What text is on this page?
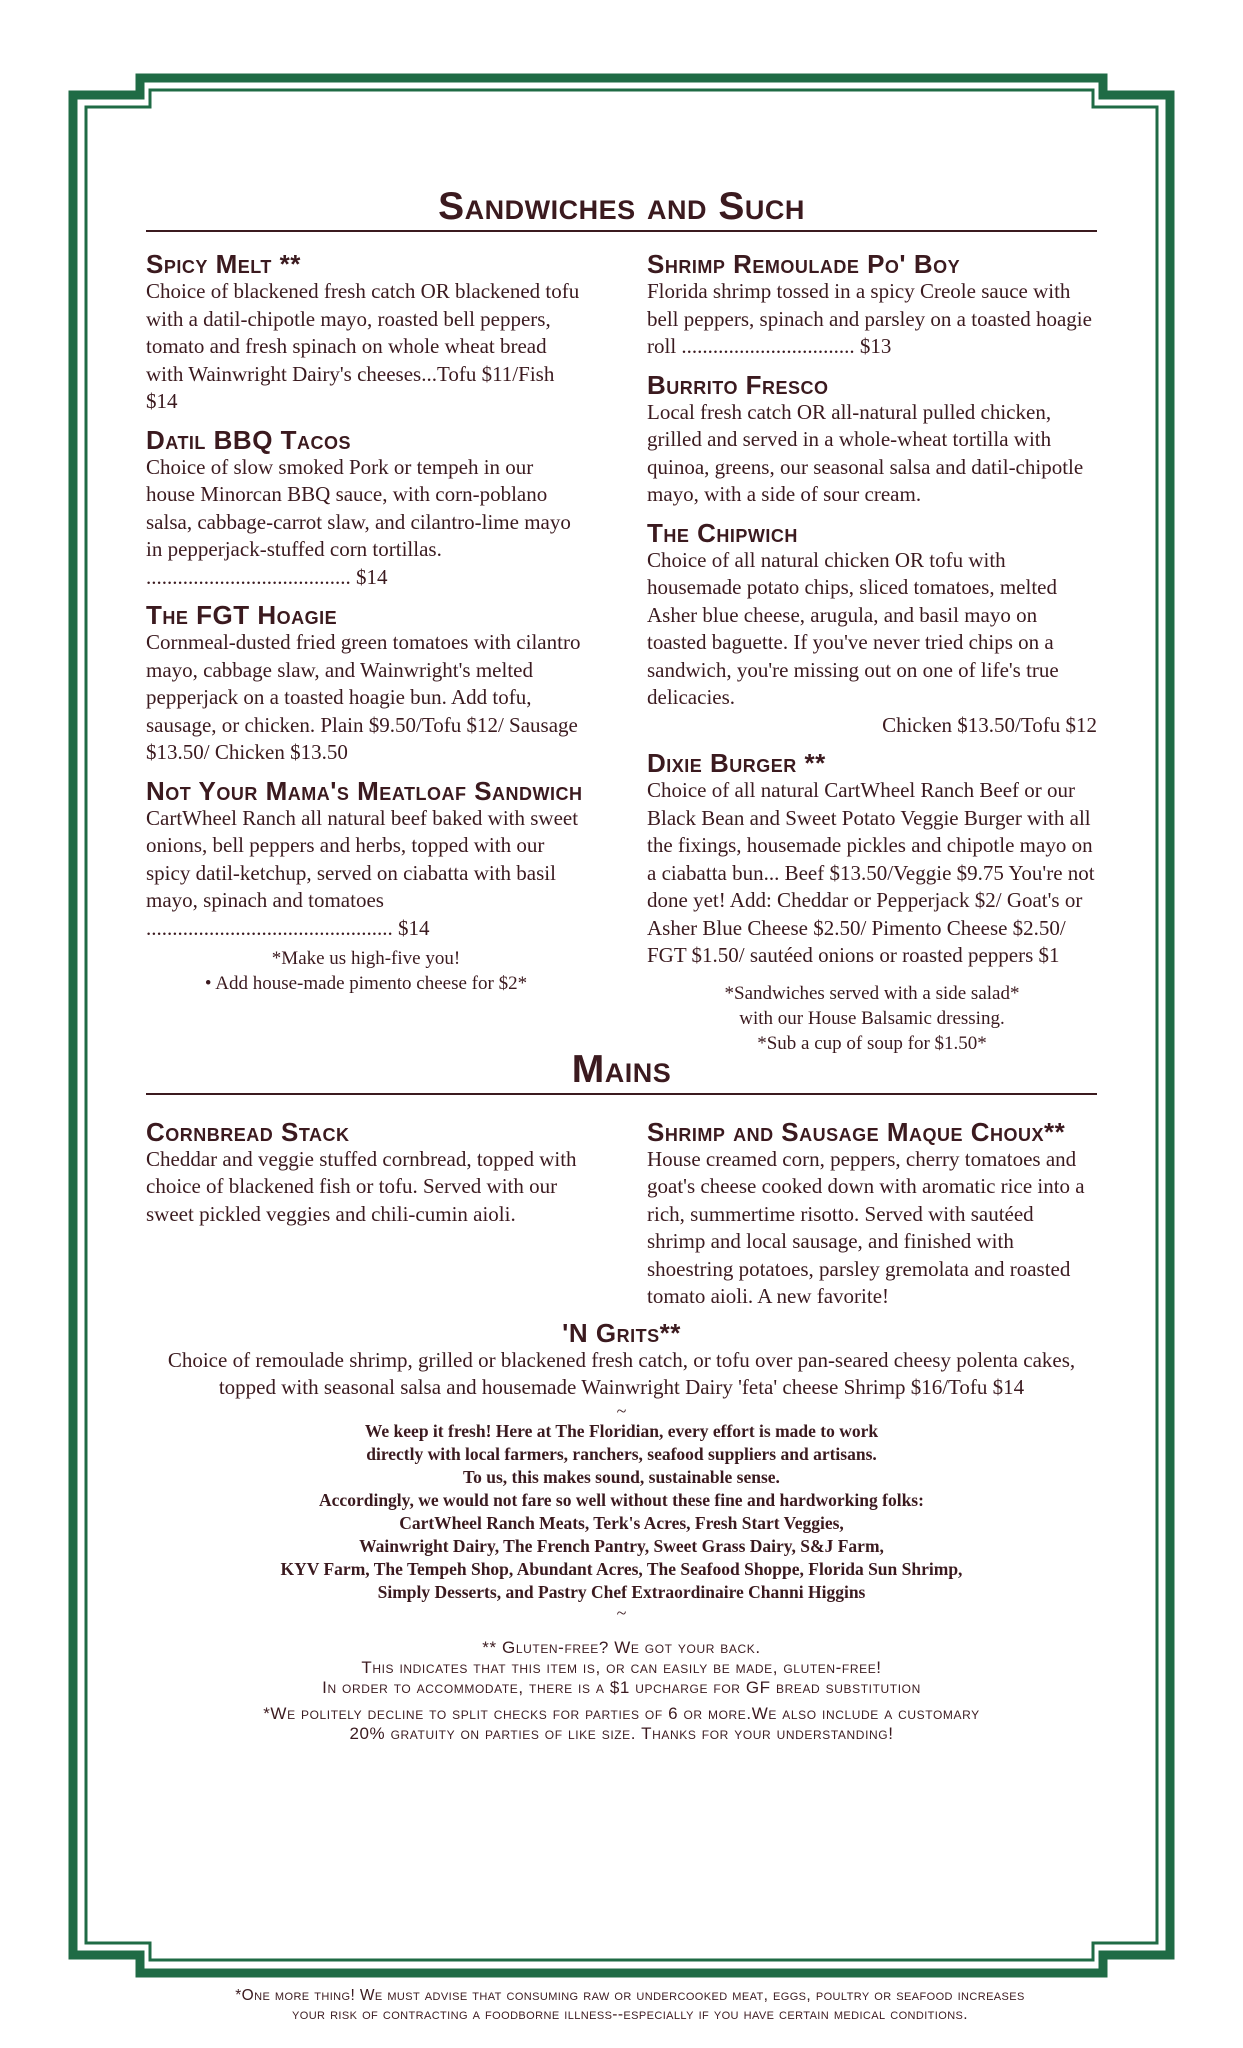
Sandwiches and Such
Spicy Melt **
Choice of blackened fresh catch OR blackened tofu with a datil-chipotle mayo, roasted bell peppers, tomato and fresh spinach on whole wheat bread with Wainwright Dairy's cheeses...Tofu $11/Fish $14
Datil BBQ Tacos
Choice of slow smoked Pork or tempeh in our house Minorcan BBQ sauce, with corn-poblano salsa, cabbage-carrot slaw, and cilantro-lime mayo in pepperjack-stuffed corn tortillas. ....................................... $14
The FGT Hoagie
Cornmeal-dusted fried green tomatoes with cilantro mayo, cabbage slaw, and Wainwright's melted pepperjack on a toasted hoagie bun. Add tofu, sausage, or chicken. Plain $9.50/Tofu $12/ Sausage $13.50/ Chicken $13.50
Not Your Mama's Meatloaf Sandwich
CartWheel Ranch all natural beef baked with sweet onions, bell peppers and herbs, topped with our spicy datil-ketchup, served on ciabatta with basil mayo, spinach and tomatoes ............................................... $14
*Make us high-five you!
• Add house-made pimento cheese for $2*
Shrimp Remoulade Po' Boy
Florida shrimp tossed in a spicy Creole sauce with bell peppers, spinach and parsley on a toasted hoagie roll ................................. $13
Burrito Fresco
Local fresh catch OR all-natural pulled chicken, grilled and served in a whole-wheat tortilla with quinoa, greens, our seasonal salsa and datil-chipotle mayo, with a side of sour cream.
The Chipwich
Choice of all natural chicken OR tofu with housemade potato chips, sliced tomatoes, melted Asher blue cheese, arugula, and basil mayo on toasted baguette. If you've never tried chips on a sandwich, you're missing out on one of life's true delicacies.
Chicken $13.50/Tofu $12
Dixie Burger **
Choice of all natural CartWheel Ranch Beef or our Black Bean and Sweet Potato Veggie Burger with all the fixings, housemade pickles and chipotle mayo on a ciabatta bun... Beef $13.50/Veggie $9.75 You're not done yet! Add: Cheddar or Pepperjack $2/ Goat's or Asher Blue Cheese $2.50/ Pimento Cheese $2.50/ FGT $1.50/ sautéed onions or roasted peppers $1
*Sandwiches served with a side salad*
with our House Balsamic dressing.
*Sub a cup of soup for $1.50*
Mains
Cornbread Stack
Cheddar and veggie stuffed cornbread, topped with choice of blackened fish or tofu. Served with our sweet pickled veggies and chili-cumin aioli.
Shrimp and Sausage Maque Choux**
House creamed corn, peppers, cherry tomatoes and goat's cheese cooked down with aromatic rice into a rich, summertime risotto. Served with sautéed shrimp and local sausage, and finished with shoestring potatoes, parsley gremolata and roasted tomato aioli. A new favorite!
'N Grits**
Choice of remoulade shrimp, grilled or blackened fresh catch, or tofu over pan-seared cheesy polenta cakes, topped with seasonal salsa and housemade Wainwright Dairy 'feta' cheese Shrimp $16/Tofu $14
~
We keep it fresh! Here at The Floridian, every effort is made to work
directly with local farmers, ranchers, seafood suppliers and artisans.
To us, this makes sound, sustainable sense.
Accordingly, we would not fare so well without these fine and hardworking folks:
CartWheel Ranch Meats, Terk's Acres, Fresh Start Veggies,
Wainwright Dairy, The French Pantry, Sweet Grass Dairy, S&J Farm,
KYV Farm, The Tempeh Shop, Abundant Acres, The Seafood Shoppe, Florida Sun Shrimp,
Simply Desserts, and Pastry Chef Extraordinaire Channi Higgins
~
** Gluten-free? We got your back.
This indicates that this item is, or can easily be made, gluten-free!
In order to accommodate, there is a $1 upcharge for GF bread substitution
*We politely decline to split checks for parties of 6 or more.We also include a customary
20% gratuity on parties of like size. Thanks for your understanding!
*One more thing! We must advise that consuming raw or undercooked meat, eggs, poultry or seafood increases
your risk of contracting a foodborne illness--especially if you have certain medical conditions.
